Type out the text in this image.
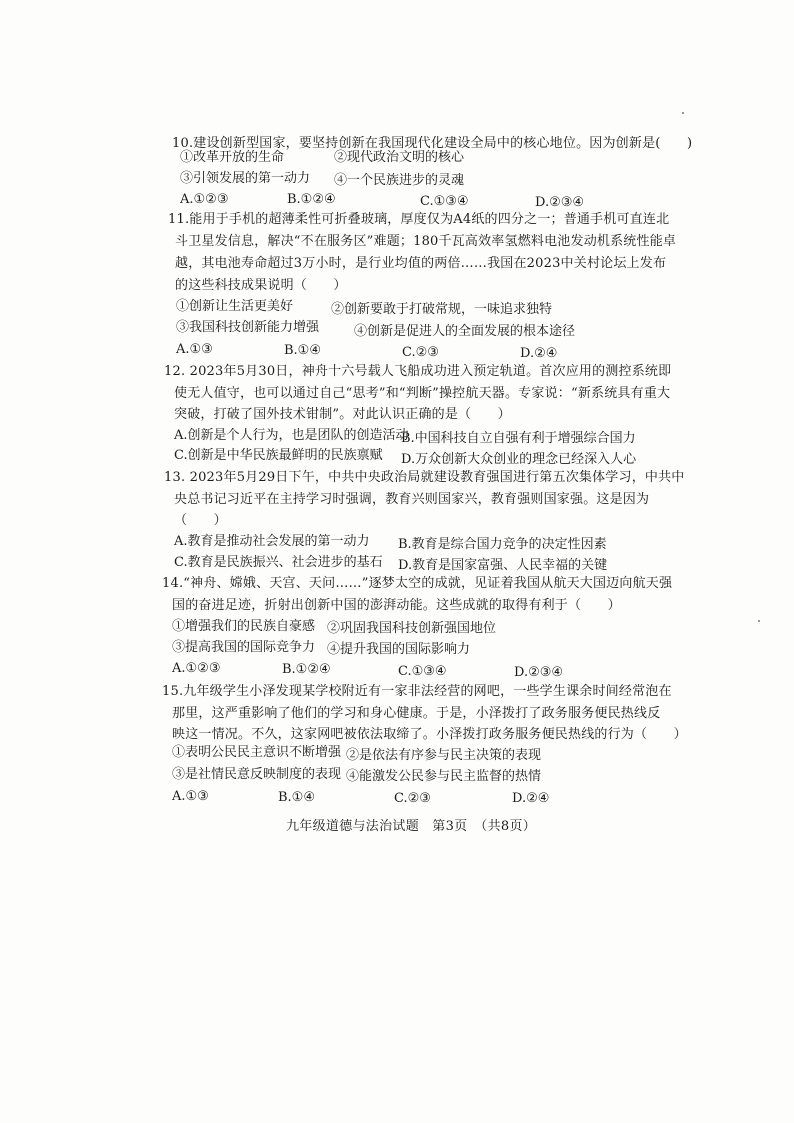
10.建设创新型国家，要坚持创新在我国现代化建设全局中的核心地位。因为创新是(　　)
①改革开放的生命	②现代政治文明的核心
③引领发展的第一动力 ④一个民族进步的灵魂
A.①②③	B.①②④	C.①③④	D.②③④
11.能用于手机的超薄柔性可折叠玻璃，厚度仅为A4纸的四分之一；普通手机可直连北
斗卫星发信息，解决“不在服务区”难题；180千瓦高效率氢燃料电池发动机系统性能卓
越，其电池寿命超过3万小时，是行业均值的两倍……我国在2023中关村论坛上发布
的这些科技成果说明（　　）
①创新让生活更美好	②创新要敢于打破常规，一味追求独特
③我国科技创新能力增强	④创新是促进人的全面发展的根本途径
A.①③	B.①④	C.②③	D.②④
12. 2023年5月30日，神舟十六号载人飞船成功进入预定轨道。首次应用的测控系统即
使无人值守，也可以通过自己“思考”和“判断”操控航天器。专家说：“新系统具有重大
突破，打破了国外技术钳制”。对此认识正确的是（　　）
A.创新是个人行为，也是团队的创造活动
B.中国科技自立自强有利于增强综合国力
C.创新是中华民族最鲜明的民族禀赋 D.万众创新大众创业的理念已经深入人心
13. 2023年5月29日下午，中共中央政治局就建设教育强国进行第五次集体学习，中共中
央总书记习近平在主持学习时强调，教育兴则国家兴，教育强则国家强。这是因为
（　　）
A.教育是推动社会发展的第一动力 B.教育是综合国力竞争的决定性因素
C.教育是民族振兴、社会进步的基石 D.教育是国家富强、人民幸福的关键
14.“神舟、嫦娥、天宫、天问……”逐梦太空的成就，见证着我国从航天大国迈向航天强
国的奋进足迹，折射出创新中国的澎湃动能。这些成就的取得有利于（　　）
①增强我们的民族自豪感 ②巩固我国科技创新强国地位
③提高我国的国际竞争力 ④提升我国的国际影响力
A.①②③	B.①②④	C.①③④	D.②③④
15.九年级学生小泽发现某学校附近有一家非法经营的网吧，一些学生课余时间经常泡在
那里，这严重影响了他们的学习和身心健康。于是，小泽拨打了政务服务便民热线反
映这一情况。不久，这家网吧被依法取缔了。小泽拨打政务服务便民热线的行为（　　）
①表明公民民主意识不断增强 ②是依法有序参与民主决策的表现
③是社情民意反映制度的表现 ④能激发公民参与民主监督的热情
A.①③	B.①④	C.②③	D.②④
九年级道德与法治试题　第3页　（共8页）
